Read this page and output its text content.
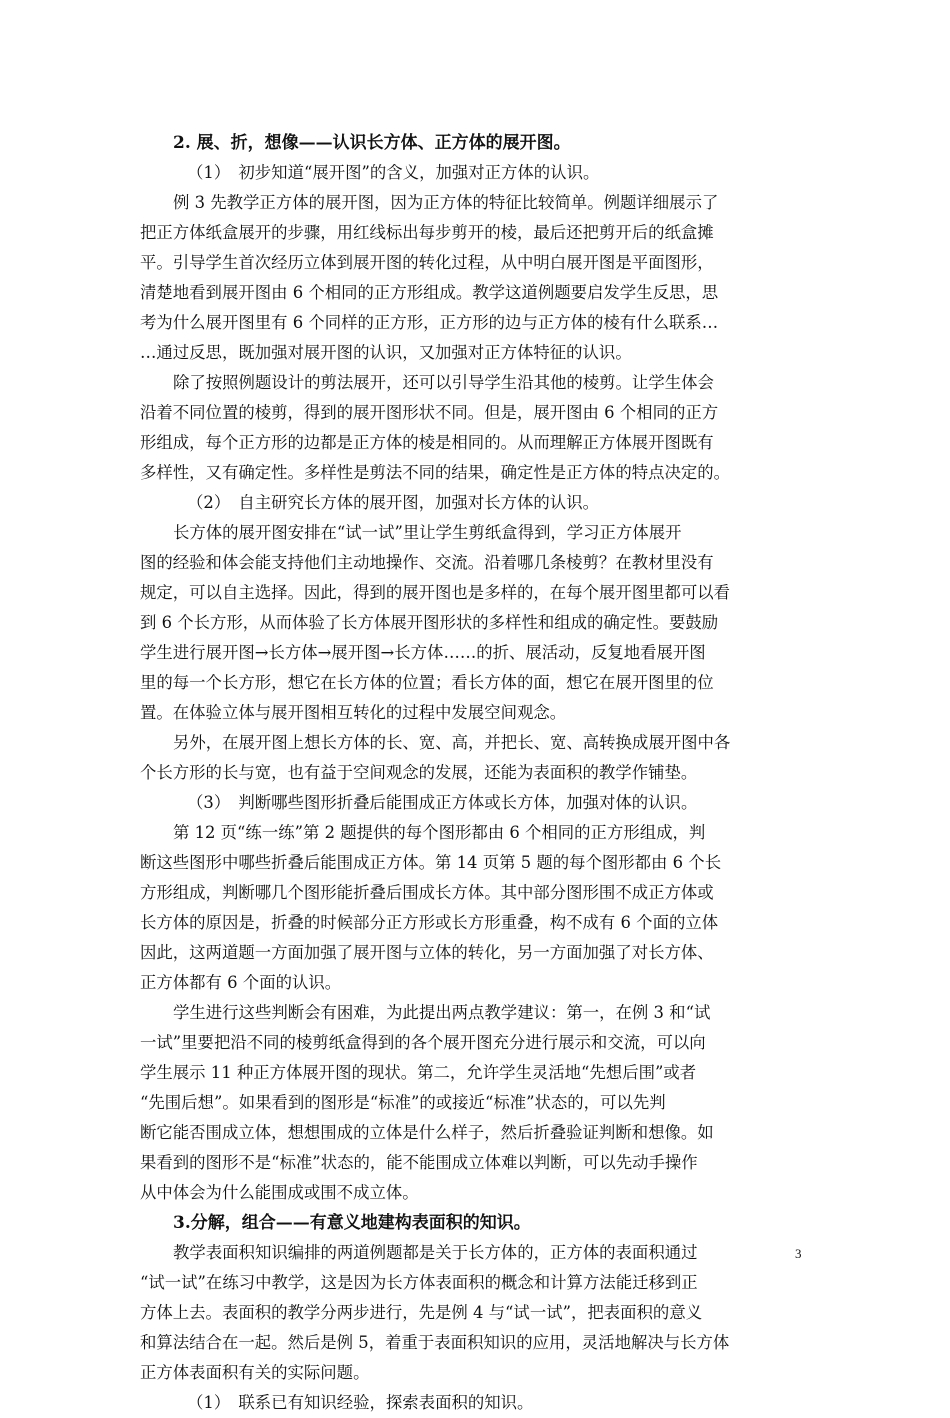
2. 展、折，想像——认识长方体、正方体的展开图。
（1）　初步知道“展开图”的含义，加强对正方体的认识。
例 3 先教学正方体的展开图，因为正方体的特征比较简单。例题详细展示了
把正方体纸盒展开的步骤，用红线标出每步剪开的棱，最后还把剪开后的纸盒摊
平。引导学生首次经历立体到展开图的转化过程，从中明白展开图是平面图形，
清楚地看到展开图由 6 个相同的正方形组成。教学这道例题要启发学生反思，思
考为什么展开图里有 6 个同样的正方形，正方形的边与正方体的棱有什么联系…
…通过反思，既加强对展开图的认识，又加强对正方体特征的认识。
除了按照例题设计的剪法展开，还可以引导学生沿其他的棱剪。让学生体会
沿着不同位置的棱剪，得到的展开图形状不同。但是，展开图由 6 个相同的正方
形组成，每个正方形的边都是正方体的棱是相同的。从而理解正方体展开图既有
多样性，又有确定性。多样性是剪法不同的结果，确定性是正方体的特点决定的。
（2）　自主研究长方体的展开图，加强对长方体的认识。
长方体的展开图安排在“试一试”里让学生剪纸盒得到，学习正方体展开
图的经验和体会能支持他们主动地操作、交流。沿着哪几条棱剪？在教材里没有
规定，可以自主选择。因此，得到的展开图也是多样的，在每个展开图里都可以看
到 6 个长方形，从而体验了长方体展开图形状的多样性和组成的确定性。要鼓励
学生进行展开图→长方体→展开图→长方体……的折、展活动，反复地看展开图
里的每一个长方形，想它在长方体的位置；看长方体的面，想它在展开图里的位
置。在体验立体与展开图相互转化的过程中发展空间观念。
另外，在展开图上想长方体的长、宽、高，并把长、宽、高转换成展开图中各
个长方形的长与宽，也有益于空间观念的发展，还能为表面积的教学作铺垫。
（3）　判断哪些图形折叠后能围成正方体或长方体，加强对体的认识。
第 12 页“练一练”第 2 题提供的每个图形都由 6 个相同的正方形组成，判
断这些图形中哪些折叠后能围成正方体。第 14 页第 5 题的每个图形都由 6 个长
方形组成，判断哪几个图形能折叠后围成长方体。其中部分图形围不成正方体或
长方体的原因是，折叠的时候部分正方形或长方形重叠，构不成有 6 个面的立体
因此，这两道题一方面加强了展开图与立体的转化，另一方面加强了对长方体、
正方体都有 6 个面的认识。
学生进行这些判断会有困难，为此提出两点教学建议：第一，在例 3 和“试
一试”里要把沿不同的棱剪纸盒得到的各个展开图充分进行展示和交流，可以向
学生展示 11 种正方体展开图的现状。第二，允许学生灵活地“先想后围”或者
“先围后想”。如果看到的图形是“标准”的或接近“标准”状态的，可以先判
断它能否围成立体，想想围成的立体是什么样子，然后折叠验证判断和想像。如
果看到的图形不是“标准”状态的，能不能围成立体难以判断，可以先动手操作
从中体会为什么能围成或围不成立体。
3.分解，组合——有意义地建构表面积的知识。
教学表面积知识编排的两道例题都是关于长方体的，正方体的表面积通过
“试一试”在练习中教学，这是因为长方体表面积的概念和计算方法能迁移到正
方体上去。表面积的教学分两步进行，先是例 4 与“试一试”，把表面积的意义
和算法结合在一起。然后是例 5，着重于表面积知识的应用，灵活地解决与长方体
正方体表面积有关的实际问题。
（1）　联系已有知识经验，探索表面积的知识。
3
